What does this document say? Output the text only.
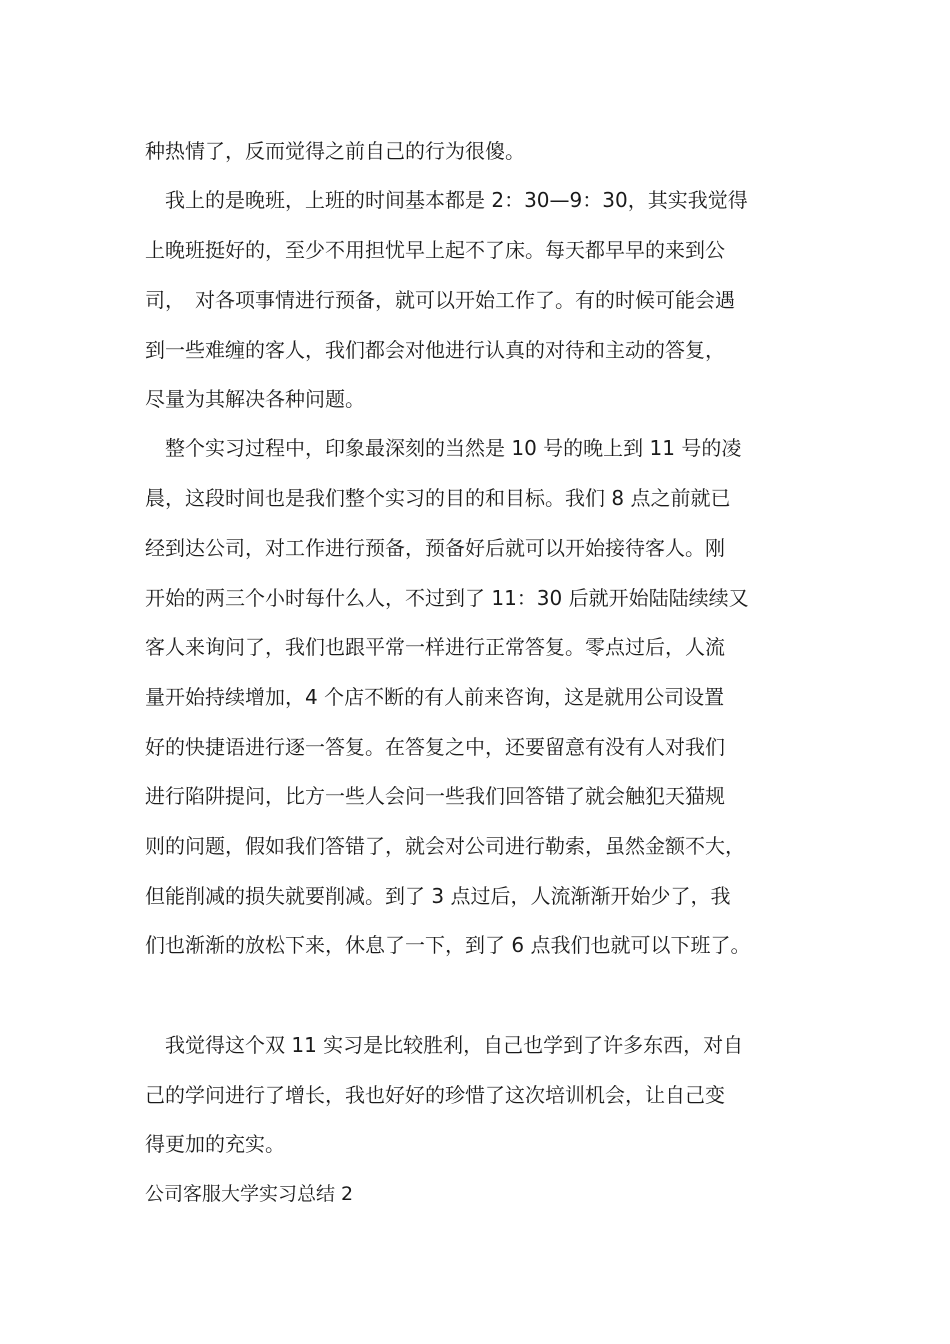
种热情了，反而觉得之前自己的行为很傻。
我上的是晚班，上班的时间基本都是 2：30—9：30，其实我觉得
上晚班挺好的，至少不用担忧早上起不了床。每天都早早的来到公
司，　对各项事情进行预备，就可以开始工作了。有的时候可能会遇
到一些难缠的客人，我们都会对他进行认真的对待和主动的答复，
尽量为其解决各种问题。
整个实习过程中，印象最深刻的当然是 10 号的晚上到 11 号的凌
晨，这段时间也是我们整个实习的目的和目标。我们 8 点之前就已
经到达公司，对工作进行预备，预备好后就可以开始接待客人。刚
开始的两三个小时每什么人，不过到了 11：30 后就开始陆陆续续又
客人来询问了，我们也跟平常一样进行正常答复。零点过后，人流
量开始持续增加，4 个店不断的有人前来咨询，这是就用公司设置
好的快捷语进行逐一答复。在答复之中，还要留意有没有人对我们
进行陷阱提问，比方一些人会问一些我们回答错了就会触犯天猫规
则的问题，假如我们答错了，就会对公司进行勒索，虽然金额不大，
但能削减的损失就要削减。到了 3 点过后，人流渐渐开始少了，我
们也渐渐的放松下来，休息了一下，到了 6 点我们也就可以下班了。
我觉得这个双 11 实习是比较胜利，自己也学到了许多东西，对自
己的学问进行了增长，我也好好的珍惜了这次培训机会，让自己变
得更加的充实。
公司客服大学实习总结 2
